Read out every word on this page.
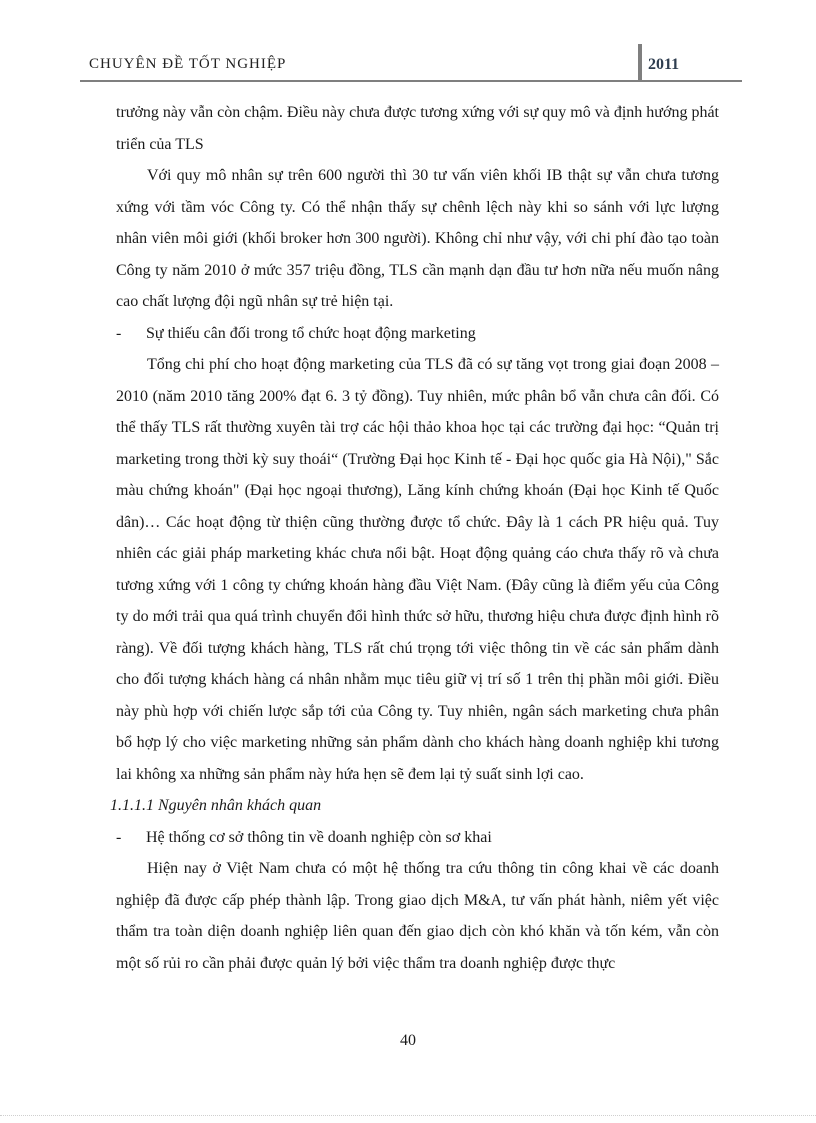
CHUYÊN ĐỀ TỐT NGHIỆP	2011

trưởng này vẫn còn chậm. Điều này chưa được tương xứng với sự quy mô và định hướng phát triển của TLS

Với quy mô nhân sự trên 600 người thì 30 tư vấn viên khối IB thật sự vẫn chưa tương xứng với tầm vóc Công ty. Có thể nhận thấy sự chênh lệch này khi so sánh với lực lượng nhân viên môi giới (khối broker hơn 300 người). Không chỉ như vậy, với chi phí đào tạo toàn Công ty năm 2010 ở mức 357 triệu đồng, TLS cần mạnh dạn đầu tư hơn nữa nếu muốn nâng cao chất lượng đội ngũ nhân sự trẻ hiện tại.

- Sự thiếu cân đối trong tổ chức hoạt động marketing

Tổng chi phí cho hoạt động marketing của TLS đã có sự tăng vọt trong giai đoạn 2008 – 2010 (năm 2010 tăng 200% đạt 6. 3 tỷ đồng). Tuy nhiên, mức phân bổ vẫn chưa cân đối. Có thể thấy TLS rất thường xuyên tài trợ các hội thảo khoa học tại các trường đại học: “Quản trị marketing trong thời kỳ suy thoái“ (Trường Đại học Kinh tế - Đại học quốc gia Hà Nội)," Sắc màu chứng khoán" (Đại học ngoại thương), Lăng kính chứng khoán (Đại học Kinh tế Quốc dân)… Các hoạt động từ thiện cũng thường được tổ chức. Đây là 1 cách PR hiệu quả. Tuy nhiên các giải pháp marketing khác chưa nổi bật. Hoạt động quảng cáo chưa thấy rõ và chưa tương xứng với 1 công ty chứng khoán hàng đầu Việt Nam. (Đây cũng là điểm yếu của Công ty do mới trải qua quá trình chuyển đổi hình thức sở hữu, thương hiệu chưa được định hình rõ ràng). Về đối tượng khách hàng, TLS rất chú trọng tới việc thông tin về các sản phẩm dành cho đối tượng khách hàng cá nhân nhằm mục tiêu giữ vị trí số 1 trên thị phần môi giới. Điều này phù hợp với chiến lược sắp tới của Công ty. Tuy nhiên, ngân sách marketing chưa phân bổ hợp lý cho việc marketing những sản phẩm dành cho khách hàng doanh nghiệp khi tương lai không xa những sản phẩm này hứa hẹn sẽ đem lại tỷ suất sinh lợi cao.

1.1.1.1 Nguyên nhân khách quan

- Hệ thống cơ sở thông tin về doanh nghiệp còn sơ khai

Hiện nay ở Việt Nam chưa có một hệ thống tra cứu thông tin công khai về các doanh nghiệp đã được cấp phép thành lập. Trong giao dịch M&A, tư vấn phát hành, niêm yết việc thẩm tra toàn diện doanh nghiệp liên quan đến giao dịch còn khó khăn và tốn kém, vẫn còn một số rủi ro cần phải được quản lý bởi việc thẩm tra doanh nghiệp được thực

40
